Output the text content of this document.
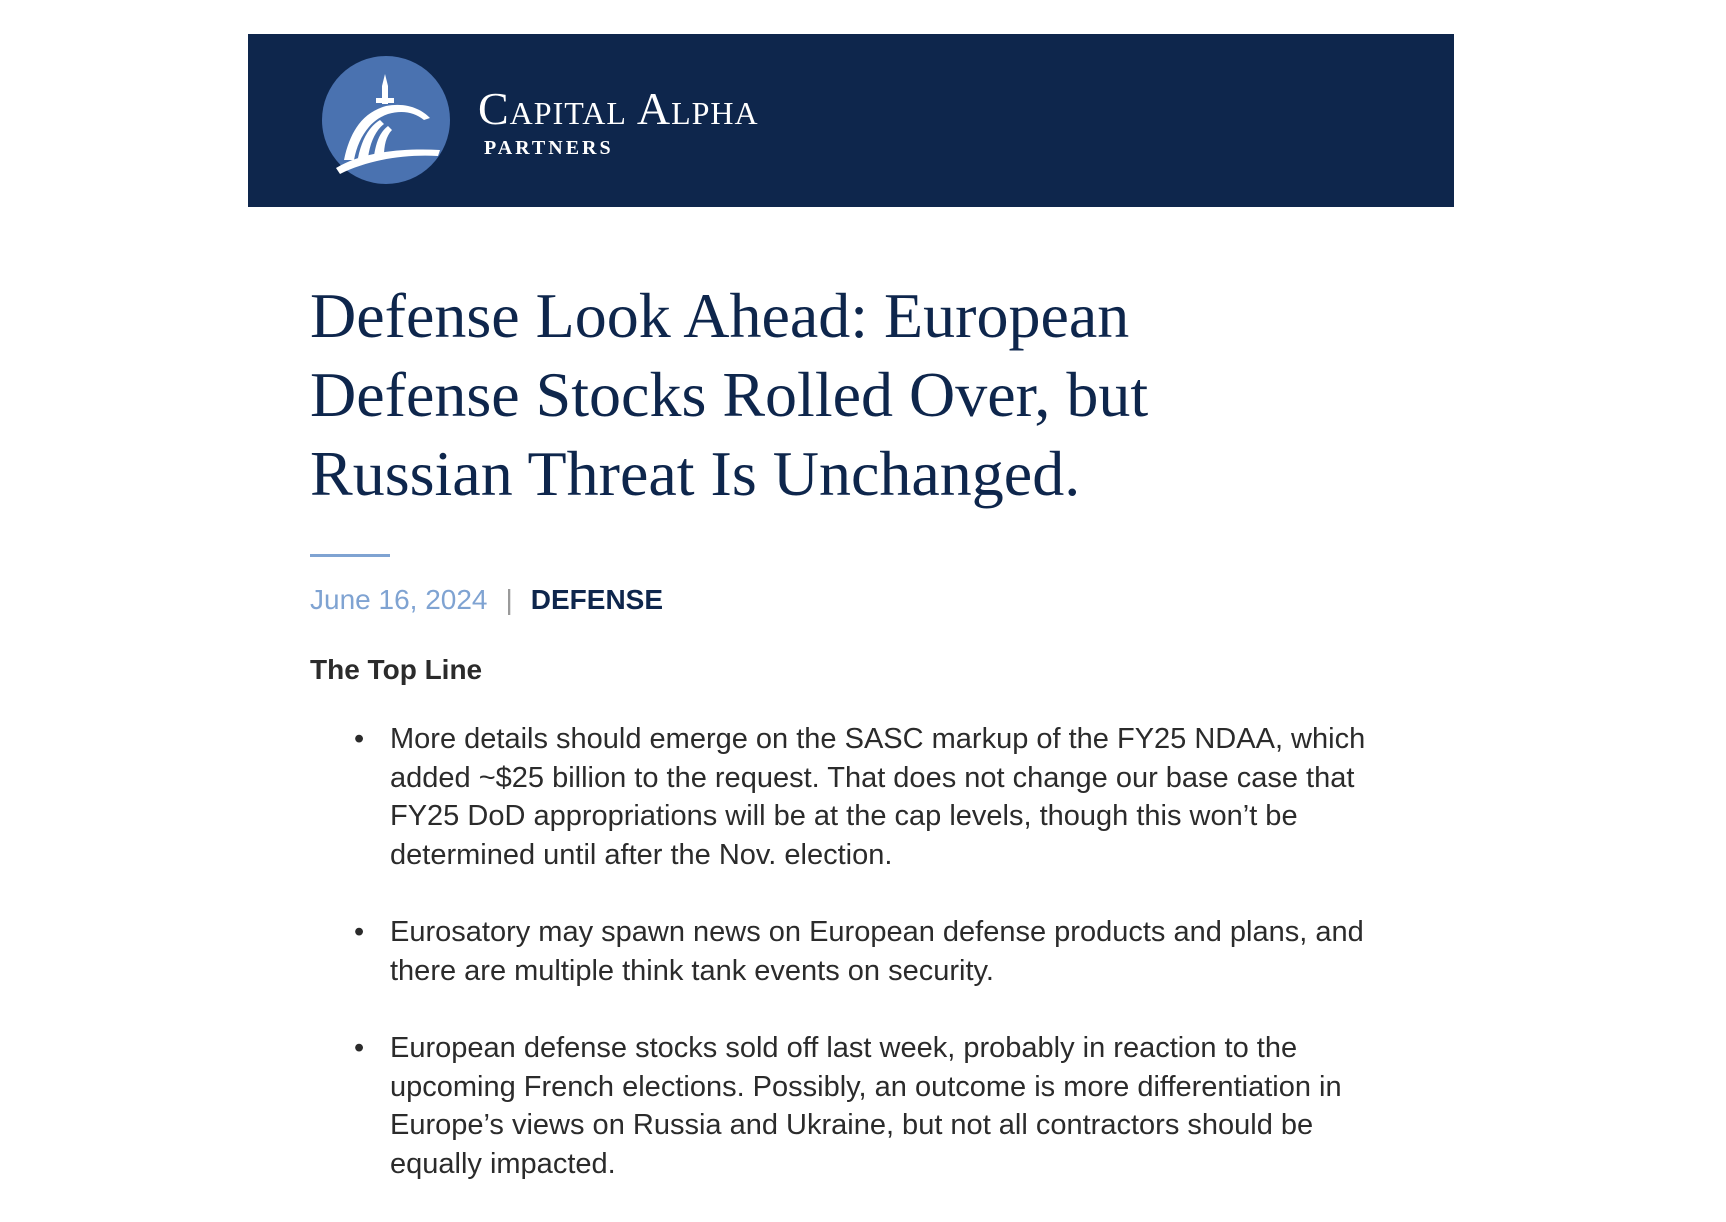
Capital Alpha
PARTNERS
Defense Look Ahead: European Defense Stocks Rolled Over, but Russian Threat Is Unchanged.
June 16, 2024 | DEFENSE
The Top Line
• More details should emerge on the SASC markup of the FY25 NDAA, which added ~$25 billion to the request. That does not change our base case that FY25 DoD appropriations will be at the cap levels, though this won’t be determined until after the Nov. election.
• Eurosatory may spawn news on European defense products and plans, and there are multiple think tank events on security.
• European defense stocks sold off last week, probably in reaction to the upcoming French elections. Possibly, an outcome is more differentiation in Europe’s views on Russia and Ukraine, but not all contractors should be equally impacted.
